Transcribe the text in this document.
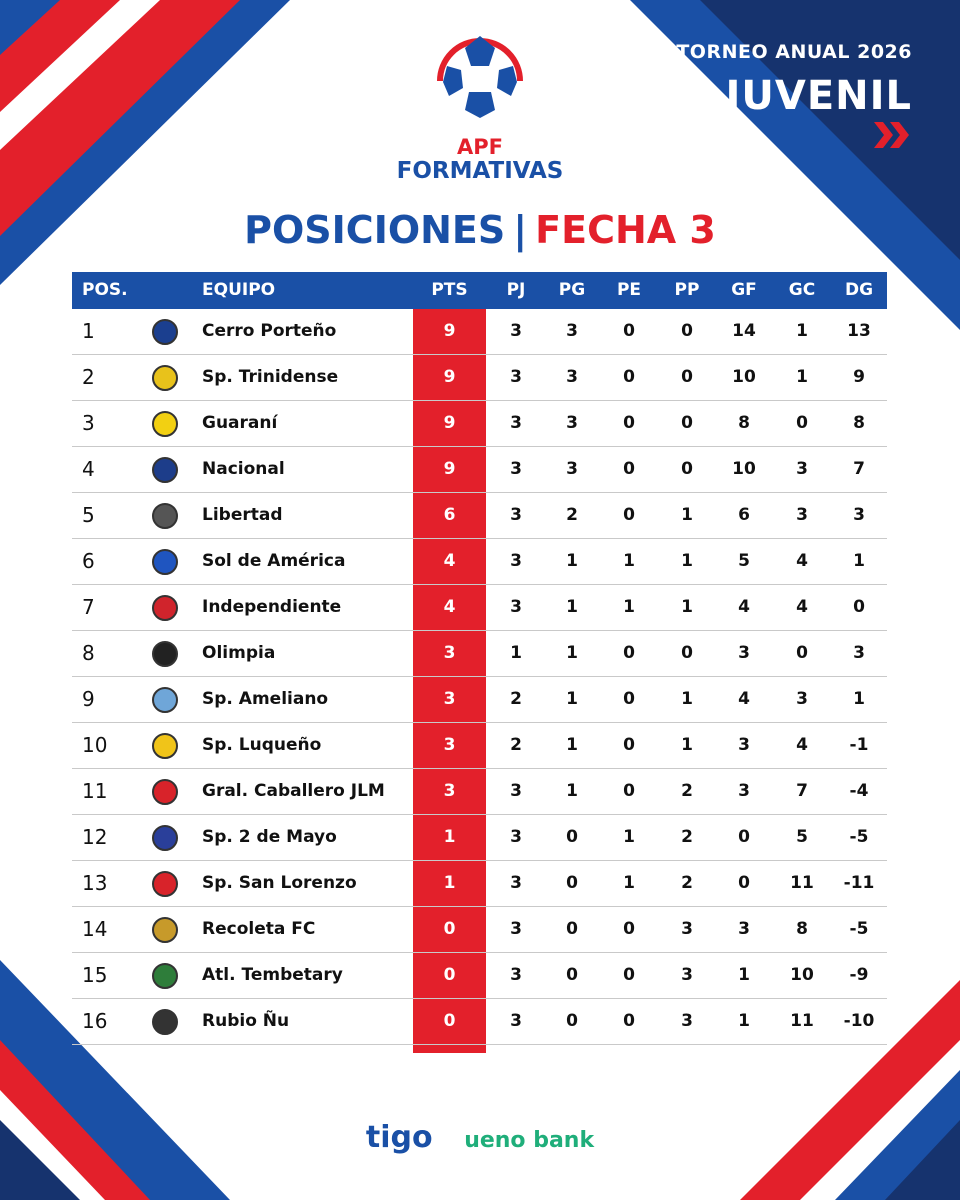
APF
FORMATIVAS
TORNEO ANUAL 2026
JUVENIL
POSICIONES | FECHA 3
POS.	EQUIPO	PTS	PJ	PG	PE	PP	GF	GC	DG
1	Cerro Porteño	9	3	3	0	0	14	1	13
2	Sp. Trinidense	9	3	3	0	0	10	1	9
3	Guaraní	9	3	3	0	0	8	0	8
4	Nacional	9	3	3	0	0	10	3	7
5	Libertad	6	3	2	0	1	6	3	3
6	Sol de América	4	3	1	1	1	5	4	1
7	Independiente	4	3	1	1	1	4	4	0
8	Olimpia	3	1	1	0	0	3	0	3
9	Sp. Ameliano	3	2	1	0	1	4	3	1
10	Sp. Luqueño	3	2	1	0	1	3	4	-1
11	Gral. Caballero JLM	3	3	1	0	2	3	7	-4
12	Sp. 2 de Mayo	1	3	0	1	2	0	5	-5
13	Sp. San Lorenzo	1	3	0	1	2	0	11	-11
14	Recoleta FC	0	3	0	0	3	3	8	-5
15	Atl. Tembetary	0	3	0	0	3	1	10	-9
16	Rubio Ñu	0	3	0	0	3	1	11	-10
tigo ueno bank
